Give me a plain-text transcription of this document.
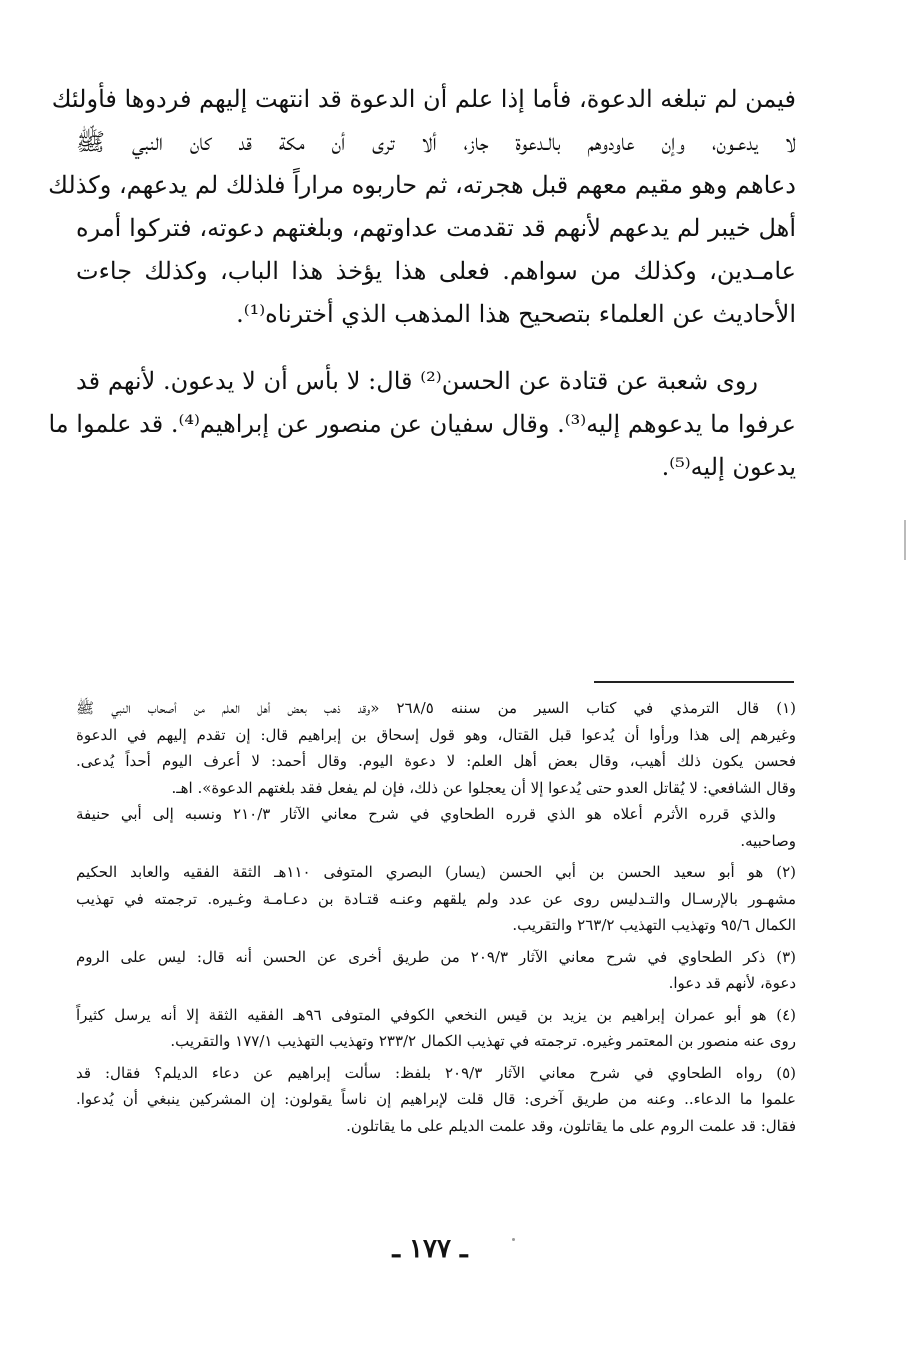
فيمن لم تبلغه الدعوة، فأما إذا علم أن الدعوة قد انتهت إليهم فردوها فأولئك
لا يدعـون، وإن عاودوهم بالـدعوة جاز، ألا ترى أن مكة قد كان النبي ﷺ
دعاهم وهو مقيم معهم قبل هجرته، ثم حاربوه مراراً فلذلك لم يدعهم، وكذلك
أهل خيبر لم يدعهم لأنهم قد تقدمت عداوتهم، وبلغتهم دعوته، فتركوا أمره
عامـدين، وكذلك من سواهم. فعلى هذا يؤخذ هذا الباب، وكذلك جاءت
الأحاديث عن العلماء بتصحيح هذا المذهب الذي أخترناه⁽¹⁾.
روى شعبة عن قتادة عن الحسن⁽²⁾ قال: لا بأس أن لا يدعون. لأنهم قد
عرفوا ما يدعوهم إليه⁽³⁾. وقال سفيان عن منصور عن إبراهيم⁽⁴⁾. قد علموا ما
يدعون إليه⁽⁵⁾.
(١) قال الترمذي في كتاب السير من سننه ٢٦٨/٥ «وقد ذهب بعض أهل العلم من أصحاب النبي ﷺ
وغيرهم إلى هذا ورأوا أن يُدعوا قبل القتال، وهو قول إسحاق بن إبراهيم قال: إن تقدم إليهم في الدعوة
فحسن يكون ذلك أهيب، وقال بعض أهل العلم: لا دعوة اليوم. وقال أحمد: لا أعرف اليوم أحداً يُدعى.
وقال الشافعي: لا يُقاتل العدو حتى يُدعوا إلا أن يعجلوا عن ذلك، فإن لم يفعل فقد بلغتهم الدعوة». اهـ.
والذي قرره الأثرم أعلاه هو الذي قرره الطحاوي في شرح معاني الآثار ٢١٠/٣ ونسبه إلى أبي حنيفة
وصاحبيه.
(٢) هو أبو سعيد الحسن بن أبي الحسن (يسار) البصري المتوفى ١١٠هـ الثقة الفقيه والعابد الحكيم
مشهـور بالإرسـال والتـدليس روى عن عدد ولم يلقهم وعنـه قتـادة بن دعـامـة وغـيره. ترجمته في تهذيب
الكمال ٩٥/٦ وتهذيب التهذيب ٢٦٣/٢ والتقريب.
(٣) ذكر الطحاوي في شرح معاني الآثار ٢٠٩/٣ من طريق أخرى عن الحسن أنه قال: ليس على الروم
دعوة، لأنهم قد دعوا.
(٤) هو أبو عمران إبراهيم بن يزيد بن قيس النخعي الكوفي المتوفى ٩٦هـ الفقيه الثقة إلا أنه يرسل كثيراً
روى عنه منصور بن المعتمر وغيره. ترجمته في تهذيب الكمال ٢٣٣/٢ وتهذيب التهذيب ١٧٧/١ والتقريب.
(٥) رواه الطحاوي في شرح معاني الآثار ٢٠٩/٣ بلفظ: سألت إبراهيم عن دعاء الديلم؟ فقال: قد
علموا ما الدعاء.. وعنه من طريق آخرى: قال قلت لإبراهيم إن ناساً يقولون: إن المشركين ينبغي أن يُدعوا.
فقال: قد علمت الروم على ما يقاتلون، وقد علمت الديلم على ما يقاتلون.
ـ ١٧٧ ـ
